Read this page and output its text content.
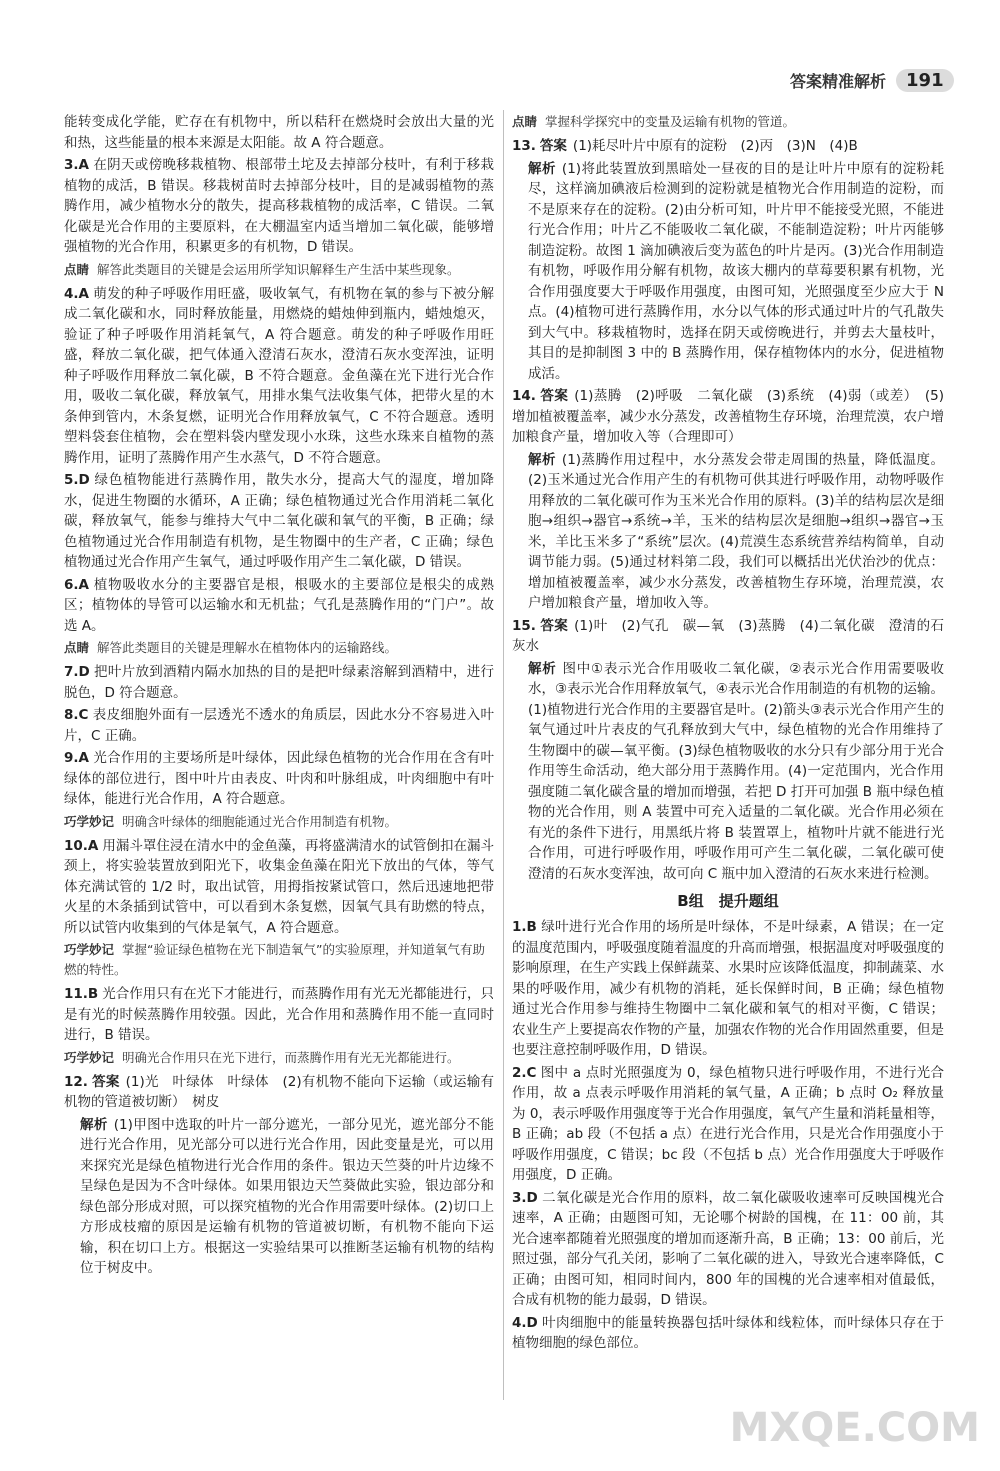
答案精准解析	191
能转变成化学能，贮存在有机物中，所以秸秆在燃烧时会放出大量的光和热，这些能量的根本来源是太阳能。故 A 符合题意。
3.A 在阴天或傍晚移栽植物、根部带土坨及去掉部分枝叶，有利于移栽植物的成活，B 错误。移栽树苗时去掉部分枝叶，目的是减弱植物的蒸腾作用，减少植物水分的散失，提高移栽植物的成活率，C 错误。二氧化碳是光合作用的主要原料，在大棚温室内适当增加二氧化碳，能够增强植物的光合作用，积累更多的有机物，D 错误。
点睛 解答此类题目的关键是会运用所学知识解释生产生活中某些现象。
4.A 萌发的种子呼吸作用旺盛，吸收氧气，有机物在氧的参与下被分解成二氧化碳和水，同时释放能量，用燃烧的蜡烛伸到瓶内，蜡烛熄灭，验证了种子呼吸作用消耗氧气，A 符合题意。萌发的种子呼吸作用旺盛，释放二氧化碳，把气体通入澄清石灰水，澄清石灰水变浑浊，证明种子呼吸作用释放二氧化碳，B 不符合题意。金鱼藻在光下进行光合作用，吸收二氧化碳，释放氧气，用排水集气法收集气体，把带火星的木条伸到管内，木条复燃，证明光合作用释放氧气，C 不符合题意。透明塑料袋套住植物，会在塑料袋内壁发现小水珠，这些水珠来自植物的蒸腾作用，证明了蒸腾作用产生水蒸气，D 不符合题意。
5.D 绿色植物能进行蒸腾作用，散失水分，提高大气的湿度，增加降水，促进生物圈的水循环，A 正确；绿色植物通过光合作用消耗二氧化碳，释放氧气，能参与维持大气中二氧化碳和氧气的平衡，B 正确；绿色植物通过光合作用制造有机物，是生物圈中的生产者，C 正确；绿色植物通过光合作用产生氧气，通过呼吸作用产生二氧化碳，D 错误。
6.A 植物吸收水分的主要器官是根，根吸水的主要部位是根尖的成熟区；植物体的导管可以运输水和无机盐；气孔是蒸腾作用的“门户”。故选 A。
点睛 解答此类题目的关键是理解水在植物体内的运输路线。
7.D 把叶片放到酒精内隔水加热的目的是把叶绿素溶解到酒精中，进行脱色，D 符合题意。
8.C 表皮细胞外面有一层透光不透水的角质层，因此水分不容易进入叶片，C 正确。
9.A 光合作用的主要场所是叶绿体，因此绿色植物的光合作用在含有叶绿体的部位进行，图中叶片由表皮、叶肉和叶脉组成，叶肉细胞中有叶绿体，能进行光合作用，A 符合题意。
巧学妙记 明确含叶绿体的细胞能通过光合作用制造有机物。
10.A 用漏斗罩住浸在清水中的金鱼藻，再将盛满清水的试管倒扣在漏斗颈上，将实验装置放到阳光下，收集金鱼藻在阳光下放出的气体，等气体充满试管的 1/2 时，取出试管，用拇指按紧试管口，然后迅速地把带火星的木条插到试管中，可以看到木条复燃，因氧气具有助燃的特点，所以试管内收集到的气体是氧气，A 符合题意。
巧学妙记 掌握“验证绿色植物在光下制造氧气”的实验原理，并知道氧气有助燃的特性。
11.B 光合作用只有在光下才能进行，而蒸腾作用有光无光都能进行，只是有光的时候蒸腾作用较强。因此，光合作用和蒸腾作用不能一直同时进行，B 错误。
巧学妙记 明确光合作用只在光下进行，而蒸腾作用有光无光都能进行。
12. 答案 (1)光　叶绿体　叶绿体　(2)有机物不能向下运输（或运输有机物的管道被切断）　树皮
解析 (1)甲图中选取的叶片一部分遮光，一部分见光，遮光部分不能进行光合作用，见光部分可以进行光合作用，因此变量是光，可以用来探究光是绿色植物进行光合作用的条件。银边天竺葵的叶片边缘不呈绿色是因为不含叶绿体。如果用银边天竺葵做此实验，银边部分和绿色部分形成对照，可以探究植物的光合作用需要叶绿体。(2)切口上方形成枝瘤的原因是运输有机物的管道被切断，有机物不能向下运输，积在切口上方。根据这一实验结果可以推断茎运输有机物的结构位于树皮中。
点睛 掌握科学探究中的变量及运输有机物的管道。
13. 答案 (1)耗尽叶片中原有的淀粉　(2)丙　(3)N　(4)B
解析 (1)将此装置放到黑暗处一昼夜的目的是让叶片中原有的淀粉耗尽，这样滴加碘液后检测到的淀粉就是植物光合作用制造的淀粉，而不是原来存在的淀粉。(2)由分析可知，叶片甲不能接受光照，不能进行光合作用；叶片乙不能吸收二氧化碳，不能制造淀粉；叶片丙能够制造淀粉。故图 1 滴加碘液后变为蓝色的叶片是丙。(3)光合作用制造有机物，呼吸作用分解有机物，故该大棚内的草莓要积累有机物，光合作用强度要大于呼吸作用强度，由图可知，光照强度至少应大于 N 点。(4)植物可进行蒸腾作用，水分以气体的形式通过叶片的气孔散失到大气中。移栽植物时，选择在阴天或傍晚进行，并剪去大量枝叶，其目的是抑制图 3 中的 B 蒸腾作用，保存植物体内的水分，促进植物成活。
14. 答案 (1)蒸腾　(2)呼吸　二氧化碳　(3)系统　(4)弱（或差）　(5)增加植被覆盖率，减少水分蒸发，改善植物生存环境，治理荒漠，农户增加粮食产量，增加收入等（合理即可）
解析 (1)蒸腾作用过程中，水分蒸发会带走周围的热量，降低温度。(2)玉米通过光合作用产生的有机物可供其进行呼吸作用，动物呼吸作用释放的二氧化碳可作为玉米光合作用的原料。(3)羊的结构层次是细胞→组织→器官→系统→羊，玉米的结构层次是细胞→组织→器官→玉米，羊比玉米多了“系统”层次。(4)荒漠生态系统营养结构简单，自动调节能力弱。(5)通过材料第二段，我们可以概括出光伏治沙的优点：增加植被覆盖率，减少水分蒸发，改善植物生存环境，治理荒漠，农户增加粮食产量，增加收入等。
15. 答案 (1)叶　(2)气孔　碳—氧　(3)蒸腾　(4)二氧化碳　澄清的石灰水
解析 图中①表示光合作用吸收二氧化碳，②表示光合作用需要吸收水，③表示光合作用释放氧气，④表示光合作用制造的有机物的运输。(1)植物进行光合作用的主要器官是叶。(2)箭头③表示光合作用产生的氧气通过叶片表皮的气孔释放到大气中，绿色植物的光合作用维持了生物圈中的碳—氧平衡。(3)绿色植物吸收的水分只有少部分用于光合作用等生命活动，绝大部分用于蒸腾作用。(4)一定范围内，光合作用强度随二氧化碳含量的增加而增强，若把 D 打开可加强 B 瓶中绿色植物的光合作用，则 A 装置中可充入适量的二氧化碳。光合作用必须在有光的条件下进行，用黑纸片将 B 装置罩上，植物叶片就不能进行光合作用，可进行呼吸作用，呼吸作用可产生二氧化碳，二氧化碳可使澄清的石灰水变浑浊，故可向 C 瓶中加入澄清的石灰水来进行检测。
B组　提升题组
1.B 绿叶进行光合作用的场所是叶绿体，不是叶绿素，A 错误；在一定的温度范围内，呼吸强度随着温度的升高而增强，根据温度对呼吸强度的影响原理，在生产实践上保鲜蔬菜、水果时应该降低温度，抑制蔬菜、水果的呼吸作用，减少有机物的消耗，延长保鲜时间，B 正确；绿色植物通过光合作用参与维持生物圈中二氧化碳和氧气的相对平衡，C 错误；农业生产上要提高农作物的产量，加强农作物的光合作用固然重要，但是也要注意控制呼吸作用，D 错误。
2.C 图中 a 点时光照强度为 0，绿色植物只进行呼吸作用，不进行光合作用，故 a 点表示呼吸作用消耗的氧气量，A 正确；b 点时 O₂ 释放量为 0，表示呼吸作用强度等于光合作用强度，氧气产生量和消耗量相等，B 正确；ab 段（不包括 a 点）在进行光合作用，只是光合作用强度小于呼吸作用强度，C 错误；bc 段（不包括 b 点）光合作用强度大于呼吸作用强度，D 正确。
3.D 二氧化碳是光合作用的原料，故二氧化碳吸收速率可反映国槐光合速率，A 正确；由题图可知，无论哪个树龄的国槐，在 11：00 前，其光合速率都随着光照强度的增加而逐渐升高，B 正确；13：00 前后，光照过强，部分气孔关闭，影响了二氧化碳的进入，导致光合速率降低，C 正确；由图可知，相同时间内，800 年的国槐的光合速率相对值最低，合成有机物的能力最弱，D 错误。
4.D 叶肉细胞中的能量转换器包括叶绿体和线粒体，而叶绿体只存在于植物细胞的绿色部位。
MXQE.COM
